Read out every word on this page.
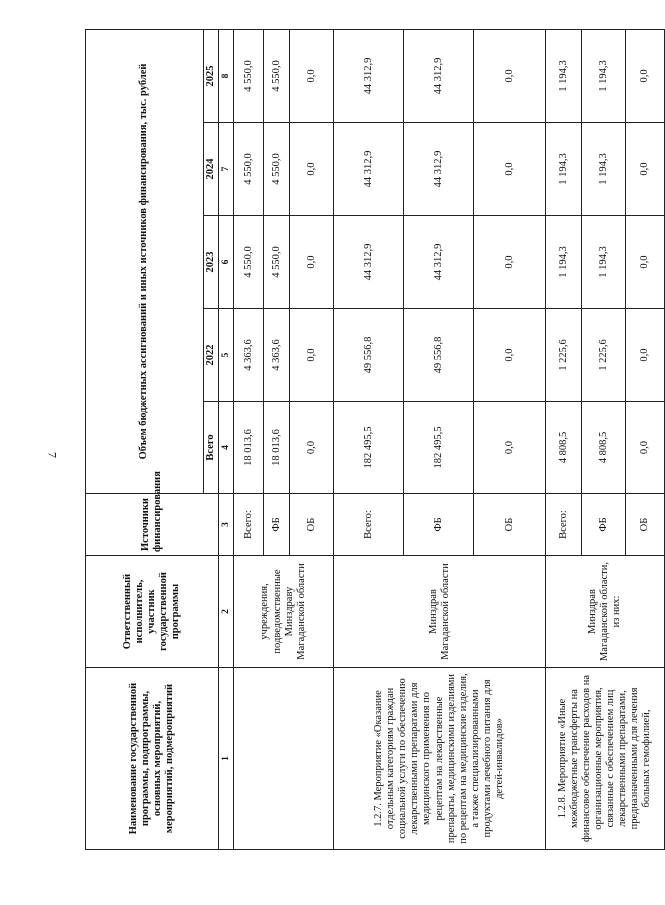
7
Наименование государственной программы, подпрограммы, основных мероприятий, мероприятий, подмероприятий	Ответственный исполнитель, участник государственной программы	Источники финансирования	Объем бюджетных ассигнований и иных источников финансирования, тыс. рублей				
			Всего	2022	2023	2024	2025
1	2	3	4	5	6	7	8
	учреждения, подведомственные Минздраву Магаданской области	Всего:	18 013,6	4 363,6	4 550,0	4 550,0	4 550,0
		ФБ	18 013,6	4 363,6	4 550,0	4 550,0	4 550,0
		ОБ	0,0	0,0	0,0	0,0	0,0
1.2.7. Мероприятие «Оказание отдельным категориям граждан социальной услуги по обеспечению лекарственными препаратами для медицинского применения по рецептам на лекарственные препараты, медицинскими изделиями по рецептам на медицинские изделия, а также специализированными продуктами лечебного питания для детей-инвалидов»	Минздрав Магаданской области	Всего:	182 495,5	49 556,8	44 312,9	44 312,9	44 312,9
		ФБ	182 495,5	49 556,8	44 312,9	44 312,9	44 312,9
		ОБ	0,0	0,0	0,0	0,0	0,0
1.2.8. Мероприятие «Иные межбюджетные трансферты на финансовое обеспечение расходов на организационные мероприятия, связанные с обеспечением лиц лекарственными препаратами, предназначенными для лечения больных гемофилией,	Минздрав Магаданской области, из них:	Всего:	4 808,5	1 225,6	1 194,3	1 194,3	1 194,3
		ФБ	4 808,5	1 225,6	1 194,3	1 194,3	1 194,3
		ОБ	0,0	0,0	0,0	0,0	0,0
